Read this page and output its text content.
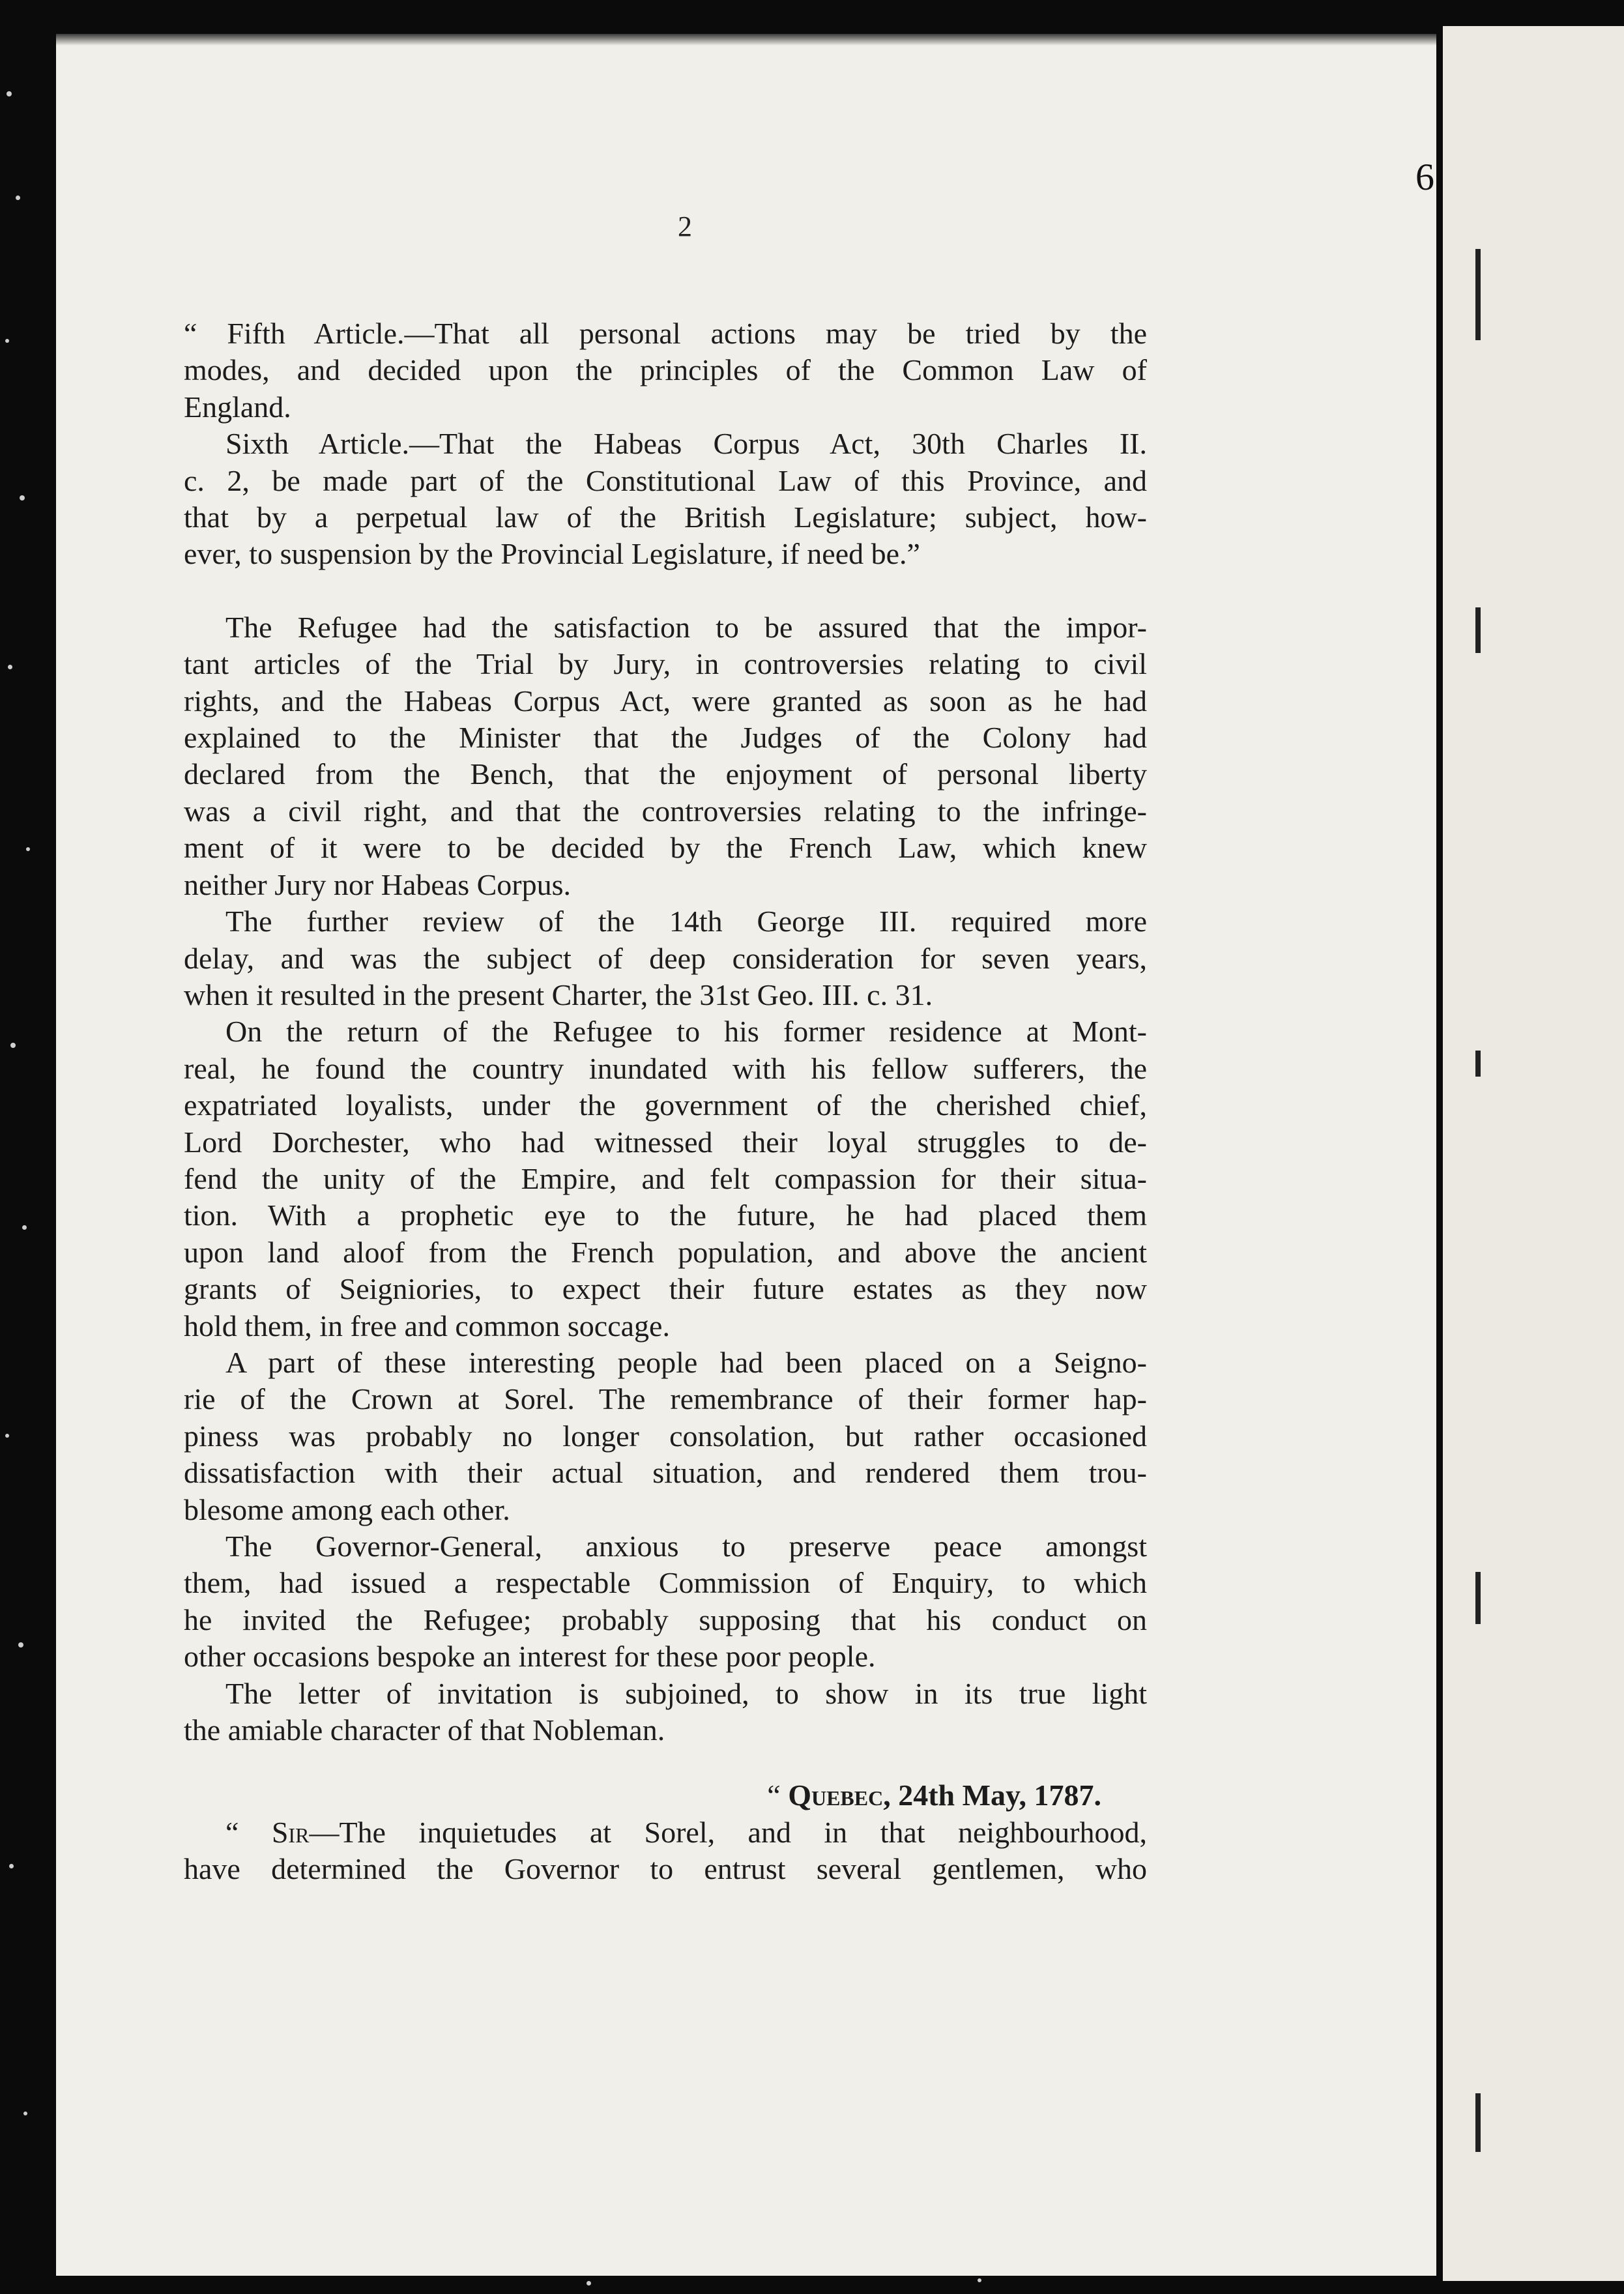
6
2

“ Fifth Article.—That all personal actions may be tried by the

modes, and decided upon the principles of the Common Law of

England.

Sixth Article.—That the Habeas Corpus Act, 30th Charles II.

c. 2, be made part of the Constitutional Law of this Province, and

that by a perpetual law of the British Legislature; subject, how-

ever, to suspension by the Provincial Legislature, if need be.”

The Refugee had the satisfaction to be assured that the impor-

tant articles of the Trial by Jury, in controversies relating to civil

rights, and the Habeas Corpus Act, were granted as soon as he had

explained to the Minister that the Judges of the Colony had

declared from the Bench, that the enjoyment of personal liberty

was a civil right, and that the controversies relating to the infringe-

ment of it were to be decided by the French Law, which knew

neither Jury nor Habeas Corpus.

The further review of the 14th George III. required more

delay, and was the subject of deep consideration for seven years,

when it resulted in the present Charter, the 31st Geo. III. c. 31.

On the return of the Refugee to his former residence at Mont-

real, he found the country inundated with his fellow sufferers, the

expatriated loyalists, under the government of the cherished chief,

Lord Dorchester, who had witnessed their loyal struggles to de-

fend the unity of the Empire, and felt compassion for their situa-

tion. With a prophetic eye to the future, he had placed them

upon land aloof from the French population, and above the ancient

grants of Seigniories, to expect their future estates as they now

hold them, in free and common soccage.

A part of these interesting people had been placed on a Seigno-

rie of the Crown at Sorel. The remembrance of their former hap-

piness was probably no longer consolation, but rather occasioned

dissatisfaction with their actual situation, and rendered them trou-

blesome among each other.

The Governor-General, anxious to preserve peace amongst

them, had issued a respectable Commission of Enquiry, to which

he invited the Refugee; probably supposing that his conduct on

other occasions bespoke an interest for these poor people.

The letter of invitation is subjoined, to show in its true light

the amiable character of that Nobleman.

“ Quebec, 24th May, 1787.

“ Sir—The inquietudes at Sorel, and in that neighbourhood,

have determined the Governor to entrust several gentlemen, who
